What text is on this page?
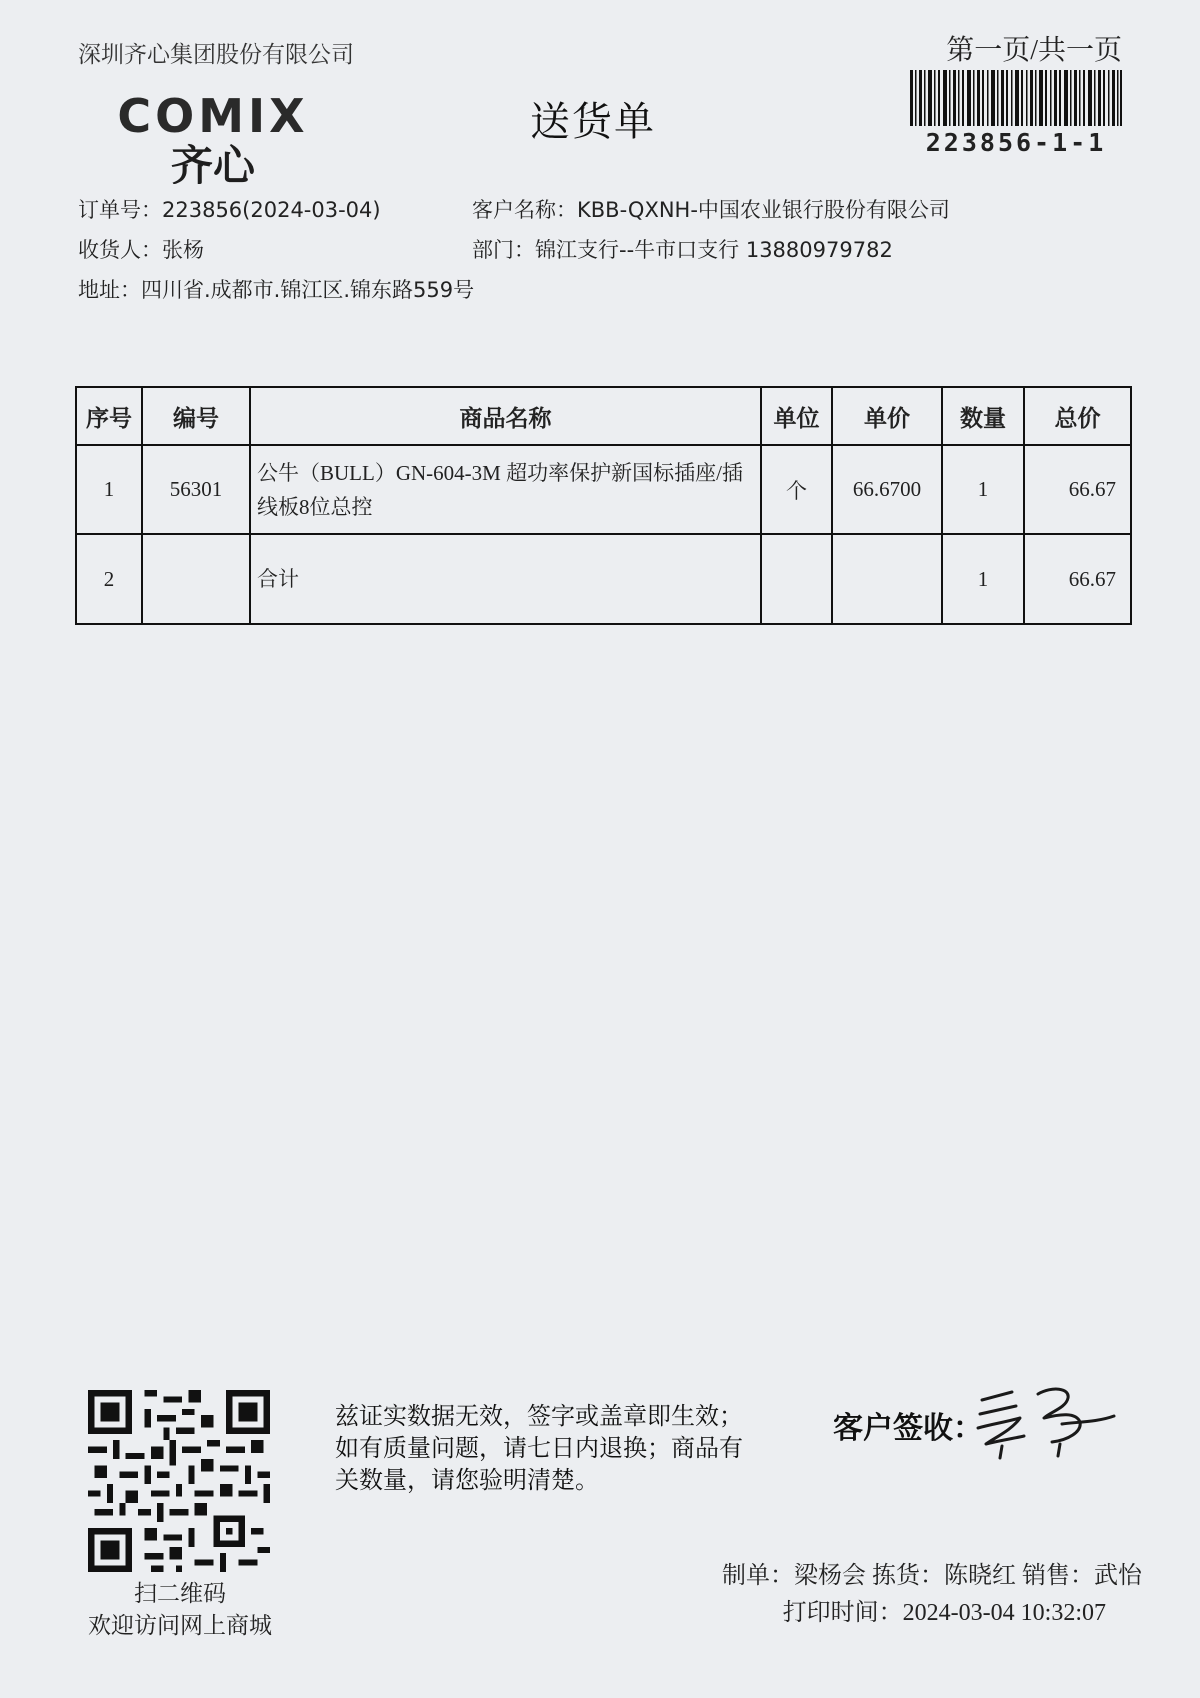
深圳齐心集团股份有限公司	第一页/共一页
223856-1-1
COMIX
齐心
送货单
订单号：223856(2024-03-04)
收货人：张杨
地址：四川省.成都市.锦江区.锦东路559号
客户名称：KBB-QXNH-中国农业银行股份有限公司
部门：锦江支行--牛市口支行 13880979782
序号	编号	商品名称	单位	单价	数量	总价
1	56301	公牛（BULL）GN-604-3M 超功率保护新国标插座/插线板8位总控	个	66.6700	1	66.67
2		合计			1	66.67
扫二维码
欢迎访问网上商城
兹证实数据无效，签字或盖章即生效；如有质量问题，请七日内退换；商品有关数量，请您验明清楚。
客户签收：
制单：梁杨会 拣货：陈晓红 销售：武怡
打印时间：2024-03-04 10:32:07
